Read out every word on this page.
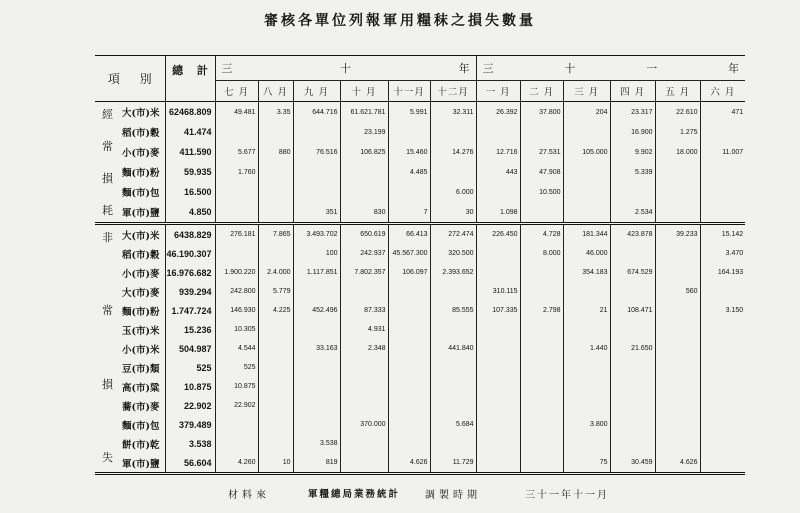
審核各單位列報軍用糧秣之損失數量
項 別		總 計	三 十 年						三 十 一 年					

			七 月	八 月	九 月	十 月	十一月	十二月	一 月	二 月	三 月	四 月	五 月	六 月

經
常
損
耗	大(市)米	62468.809	49.481	3.35	644.716	61.621.781	5.991	32.311	26.392	37.800	204	23.317	22.610	471
	稻(市)穀	41.474				23.199						16.900	1.275	
	小(市)麥	411.590	5.677	880	76.516	106.825	15.460	14.276	12.716	27.531	105.000	9.902	18.000	11.007
	麵(市)粉	59.935	1.760				4.485		443	47.908		5.339		
	麵(市)包	16.500						6.000		10.500				
	軍(市)鹽	4.850			351	830	7	30	1.098			2.534		

非
常
損
失	大(市)米	6438.829	276.181	7.865	3.493.702	650.619	66.413	272.474	226.450	4.728	181.344	423.878	39.233	15.142
	稻(市)穀	46.190.307			100	242.937	45.567.300	320.500		8.000	46.000			3.470
	小(市)麥	16.976.682	1.900.220	2.4.000	1.117.851	7.802.357	106.097	2.393.652			354.183	674.529		164.193
	大(市)麥	939.294	242.800	5.779					310.115				560	
	麵(市)粉	1.747.724	146.930	4.225	452.496	87.333		85.555	107.335	2.798	21	108.471		3.150
	玉(市)米	15.236	10.305			4.931								
	小(市)米	504.987	4.544		33.163	2.348		441.840			1.440	21.650		
	豆(市)類	525	525											
	高(市)粱	10.875	10.875											
	蕎(市)麥	22.902	22.902											
	麵(市)包	379.489				370.000		5.684			3.800			
	餅(市)乾	3.538			3.538									
	軍(市)鹽	56.604	4.260	10	819		4.626	11.729			75	30.459	4.626	
材料來	軍糧總局業務統計 調製時期	三十一年十一月
